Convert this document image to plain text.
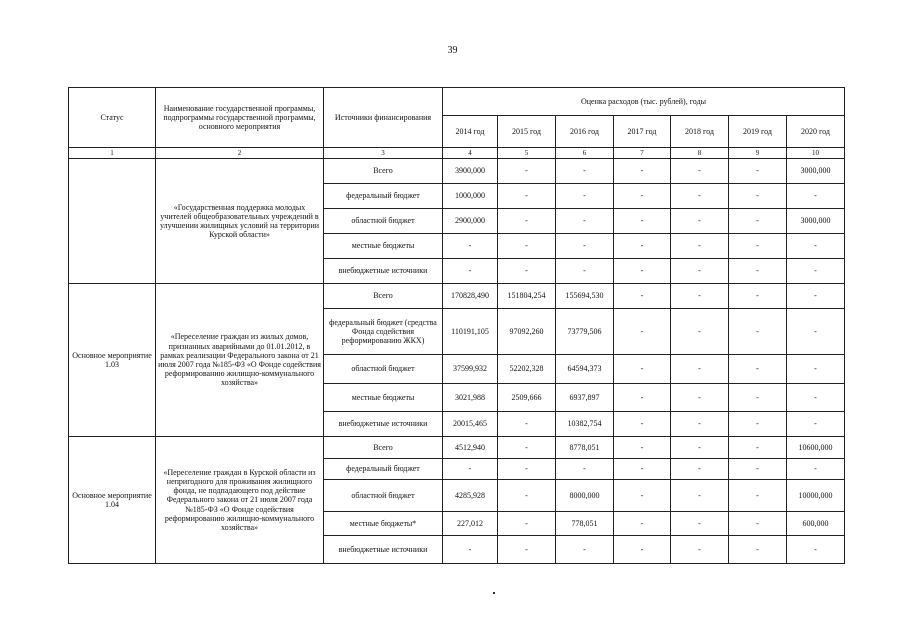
39
Статус	Наименование государственной программы, подпрограммы государственной программы, основного мероприятия	Источники финансирования	Оценка расходов (тыс. рублей), годы						
			2014 год	2015 год	2016 год	2017 год	2018 год	2019 год	2020 год
1	2	3	4	5	6	7	8	9	10
	«Государственная поддержка молодых учителей общеобразовательных учреждений в улучшении жилищных условий на территории Курской области»	Всего	3900,000	-	-	-	-	-	3000,000
		федеральный бюджет	1000,000	-	-	-	-	-	-
		областной бюджет	2900,000	-	-	-	-	-	3000,000
		местные бюджеты	-	-	-	-	-	-	-
		внебюджетные источники	-	-	-	-	-	-	-
Основное мероприятие 1.03	«Переселение граждан из жилых домов, признанных аварийными до 01.01.2012, в рамках реализации Федерального закона от 21 июля 2007 года №185-ФЗ «О Фонде содействия реформированию жилищно-коммунального хозяйства»	Всего	170828,490	151804,254	155694,530	-	-	-	-
		федеральный бюджет (средства Фонда содействия реформированию ЖКХ)	110191,105	97092,260	73779,506	-	-	-	-
		областной бюджет	37599,932	52202,328	64594,373	-	-	-	-
		местные бюджеты	3021,988	2509,666	6937,897	-	-	-	-
		внебюджетные источники	20015,465	-	10382,754	-	-	-	-
Основное мероприятие 1.04	«Переселение граждан в Курской области из непригодного для проживания жилищного фонда, не подпадающего под действие Федерального закона от 21 июля 2007 года №185-ФЗ «О Фонде содействия реформированию жилищно-коммунального хозяйства»	Всего	4512,940	-	8778,051	-	-	-	10600,000
		федеральный бюджет	-	-	-	-	-	-	-
		областной бюджет	4285,928	-	8000,000	-	-	-	10000,000
		местные бюджеты*	227,012	-	778,051	-	-	-	600,000
		внебюджетные источники	-	-	-	-	-	-	-
